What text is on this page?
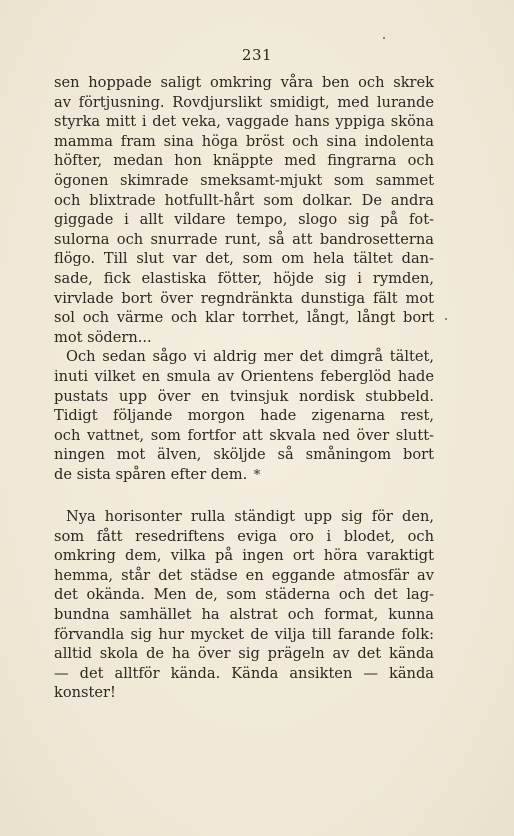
231
sen hoppade saligt omkring våra ben och skrek
av förtjusning. Rovdjurslikt smidigt, med lurande
styrka mitt i det veka, vaggade hans yppiga sköna
mamma fram sina höga bröst och sina indolenta
höfter, medan hon knäppte med fingrarna och
ögonen skimrade smeksamt-mjukt som sammet
och blixtrade hotfullt-hårt som dolkar. De andra
giggade i allt vildare tempo, slogo sig på fot-
sulorna och snurrade runt, så att bandrosetterna
flögo. Till slut var det, som om hela tältet dan-
sade, fick elastiska fötter, höjde sig i rymden,
virvlade bort över regndränkta dunstiga fält mot
sol och värme och klar torrhet, långt, långt bort
mot södern...
Och sedan sågo vi aldrig mer det dimgrå tältet,
inuti vilket en smula av Orientens feberglöd hade
pustats upp över en tvinsjuk nordisk stubbeld.
Tidigt följande morgon hade zigenarna rest,
och vattnet, som fortfor att skvala ned över slutt-
ningen mot älven, sköljde så småningom bort
de sista spåren efter dem. *
Nya horisonter rulla ständigt upp sig för den,
som fått resedriftens eviga oro i blodet, och
omkring dem, vilka på ingen ort höra varaktigt
hemma, står det städse en eggande atmosfär av
det okända. Men de, som städerna och det lag-
bundna samhället ha alstrat och format, kunna
förvandla sig hur mycket de vilja till farande folk:
alltid skola de ha över sig prägeln av det kända
— det alltför kända. Kända ansikten — kända
konster!
